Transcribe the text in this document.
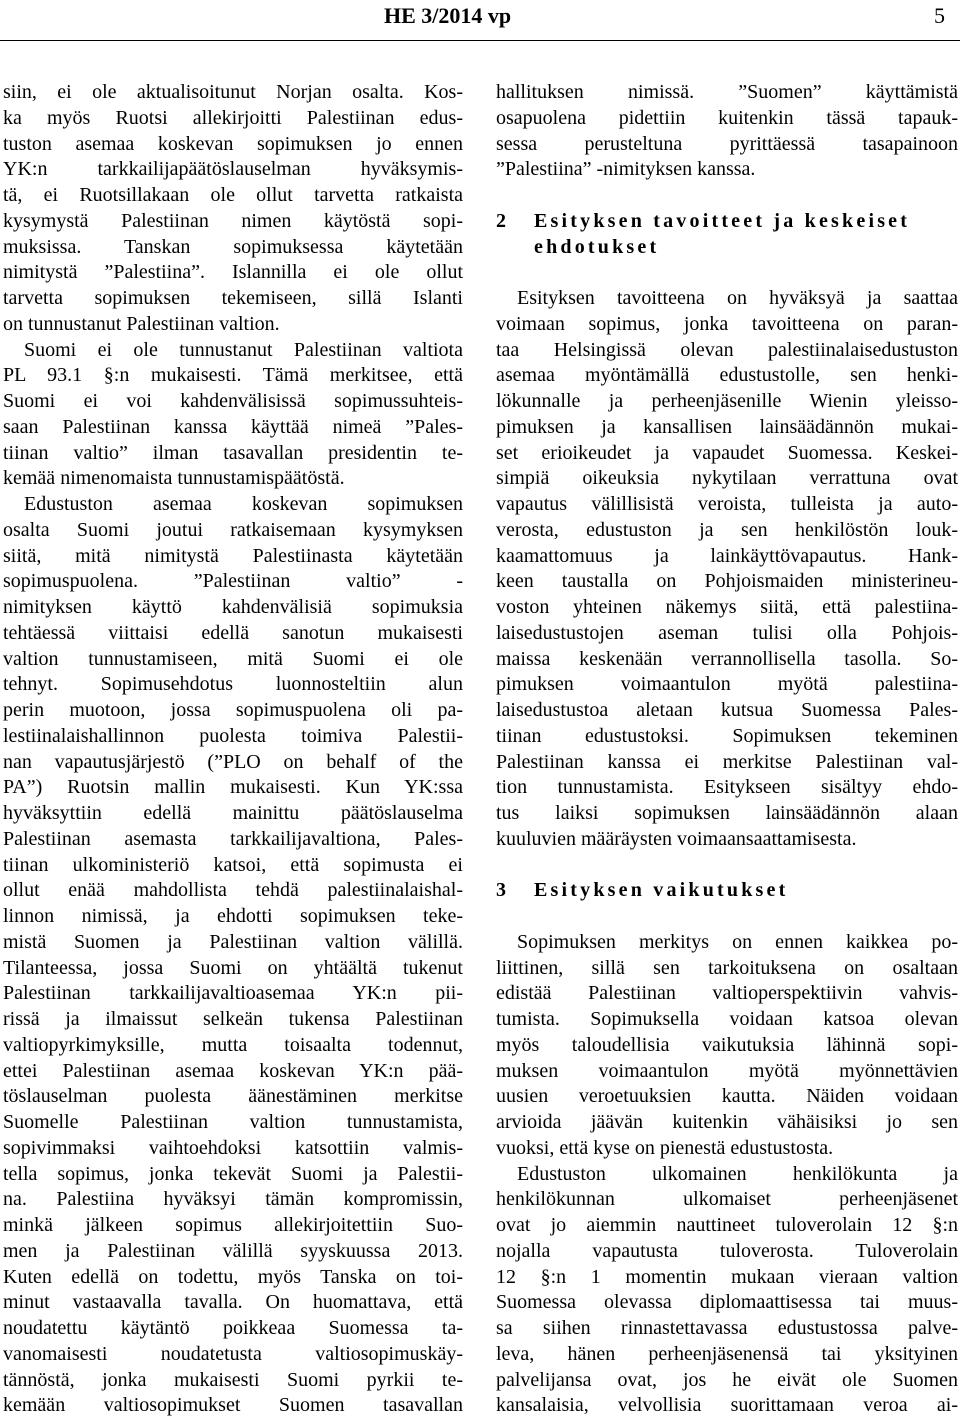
HE 3/2014 vp	5
siin, ei ole aktualisoitunut Norjan osalta. Kos-
ka myös Ruotsi allekirjoitti Palestiinan edus-
tuston asemaa koskevan sopimuksen jo ennen
YK:n tarkkailijapäätöslauselman hyväksymis-
tä, ei Ruotsillakaan ole ollut tarvetta ratkaista
kysymystä Palestiinan nimen käytöstä sopi-
muksissa. Tanskan sopimuksessa käytetään
nimitystä ”Palestiina”. Islannilla ei ole ollut
tarvetta sopimuksen tekemiseen, sillä Islanti
on tunnustanut Palestiinan valtion.
Suomi ei ole tunnustanut Palestiinan valtiota
PL 93.1 §:n mukaisesti. Tämä merkitsee, että
Suomi ei voi kahdenvälisissä sopimussuhteis-
saan Palestiinan kanssa käyttää nimeä ”Pales-
tiinan valtio” ilman tasavallan presidentin te-
kemää nimenomaista tunnustamispäätöstä.
Edustuston asemaa koskevan sopimuksen
osalta Suomi joutui ratkaisemaan kysymyksen
siitä, mitä nimitystä Palestiinasta käytetään
sopimuspuolena. ”Palestiinan valtio” -
nimityksen käyttö kahdenvälisiä sopimuksia
tehtäessä viittaisi edellä sanotun mukaisesti
valtion tunnustamiseen, mitä Suomi ei ole
tehnyt. Sopimusehdotus luonnosteltiin alun
perin muotoon, jossa sopimuspuolena oli pa-
lestiinalaishallinnon puolesta toimiva Palestii-
nan vapautusjärjestö (”PLO on behalf of the
PA”) Ruotsin mallin mukaisesti. Kun YK:ssa
hyväksyttiin edellä mainittu päätöslauselma
Palestiinan asemasta tarkkailijavaltiona, Pales-
tiinan ulkoministeriö katsoi, että sopimusta ei
ollut enää mahdollista tehdä palestiinalaishal-
linnon nimissä, ja ehdotti sopimuksen teke-
mistä Suomen ja Palestiinan valtion välillä.
Tilanteessa, jossa Suomi on yhtäältä tukenut
Palestiinan tarkkailijavaltioasemaa YK:n pii-
rissä ja ilmaissut selkeän tukensa Palestiinan
valtiopyrkimyksille, mutta toisaalta todennut,
ettei Palestiinan asemaa koskevan YK:n pää-
töslauselman puolesta äänestäminen merkitse
Suomelle Palestiinan valtion tunnustamista,
sopivimmaksi vaihtoehdoksi katsottiin valmis-
tella sopimus, jonka tekevät Suomi ja Palestii-
na. Palestiina hyväksyi tämän kompromissin,
minkä jälkeen sopimus allekirjoitettiin Suo-
men ja Palestiinan välillä syyskuussa 2013.
Kuten edellä on todettu, myös Tanska on toi-
minut vastaavalla tavalla. On huomattava, että
noudatettu käytäntö poikkeaa Suomessa ta-
vanomaisesti noudatetusta valtiosopimuskäy-
tännöstä, jonka mukaisesti Suomi pyrkii te-
kemään valtiosopimukset Suomen tasavallan
hallituksen nimissä. ”Suomen” käyttämistä
osapuolena pidettiin kuitenkin tässä tapauk-
sessa perusteltuna pyrittäessä tasapainoon
”Palestiina” -nimityksen kanssa.
2 Esityksen tavoitteet ja keskeiset
ehdotukset
Esityksen tavoitteena on hyväksyä ja saattaa
voimaan sopimus, jonka tavoitteena on paran-
taa Helsingissä olevan palestiinalaisedustuston
asemaa myöntämällä edustustolle, sen henki-
lökunnalle ja perheenjäsenille Wienin yleisso-
pimuksen ja kansallisen lainsäädännön mukai-
set erioikeudet ja vapaudet Suomessa. Keskei-
simpiä oikeuksia nykytilaan verrattuna ovat
vapautus välillisistä veroista, tulleista ja auto-
verosta, edustuston ja sen henkilöstön louk-
kaamattomuus ja lainkäyttövapautus. Hank-
keen taustalla on Pohjoismaiden ministerineu-
voston yhteinen näkemys siitä, että palestiina-
laisedustustojen aseman tulisi olla Pohjois-
maissa keskenään verrannollisella tasolla. So-
pimuksen voimaantulon myötä palestiina-
laisedustustoa aletaan kutsua Suomessa Pales-
tiinan edustustoksi. Sopimuksen tekeminen
Palestiinan kanssa ei merkitse Palestiinan val-
tion tunnustamista. Esitykseen sisältyy ehdo-
tus laiksi sopimuksen lainsäädännön alaan
kuuluvien määräysten voimaansaattamisesta.
3 Esityksen vaikutukset
Sopimuksen merkitys on ennen kaikkea po-
liittinen, sillä sen tarkoituksena on osaltaan
edistää Palestiinan valtioperspektiivin vahvis-
tumista. Sopimuksella voidaan katsoa olevan
myös taloudellisia vaikutuksia lähinnä sopi-
muksen voimaantulon myötä myönnettävien
uusien veroetuuksien kautta. Näiden voidaan
arvioida jäävän kuitenkin vähäisiksi jo sen
vuoksi, että kyse on pienestä edustustosta.
Edustuston ulkomainen henkilökunta ja
henkilökunnan ulkomaiset perheenjäsenet
ovat jo aiemmin nauttineet tuloverolain 12 §:n
nojalla vapautusta tuloverosta. Tuloverolain
12 §:n 1 momentin mukaan vieraan valtion
Suomessa olevassa diplomaattisessa tai muus-
sa siihen rinnastettavassa edustustossa palve-
leva, hänen perheenjäsenensä tai yksityinen
palvelijansa ovat, jos he eivät ole Suomen
kansalaisia, velvollisia suorittamaan veroa ai-
